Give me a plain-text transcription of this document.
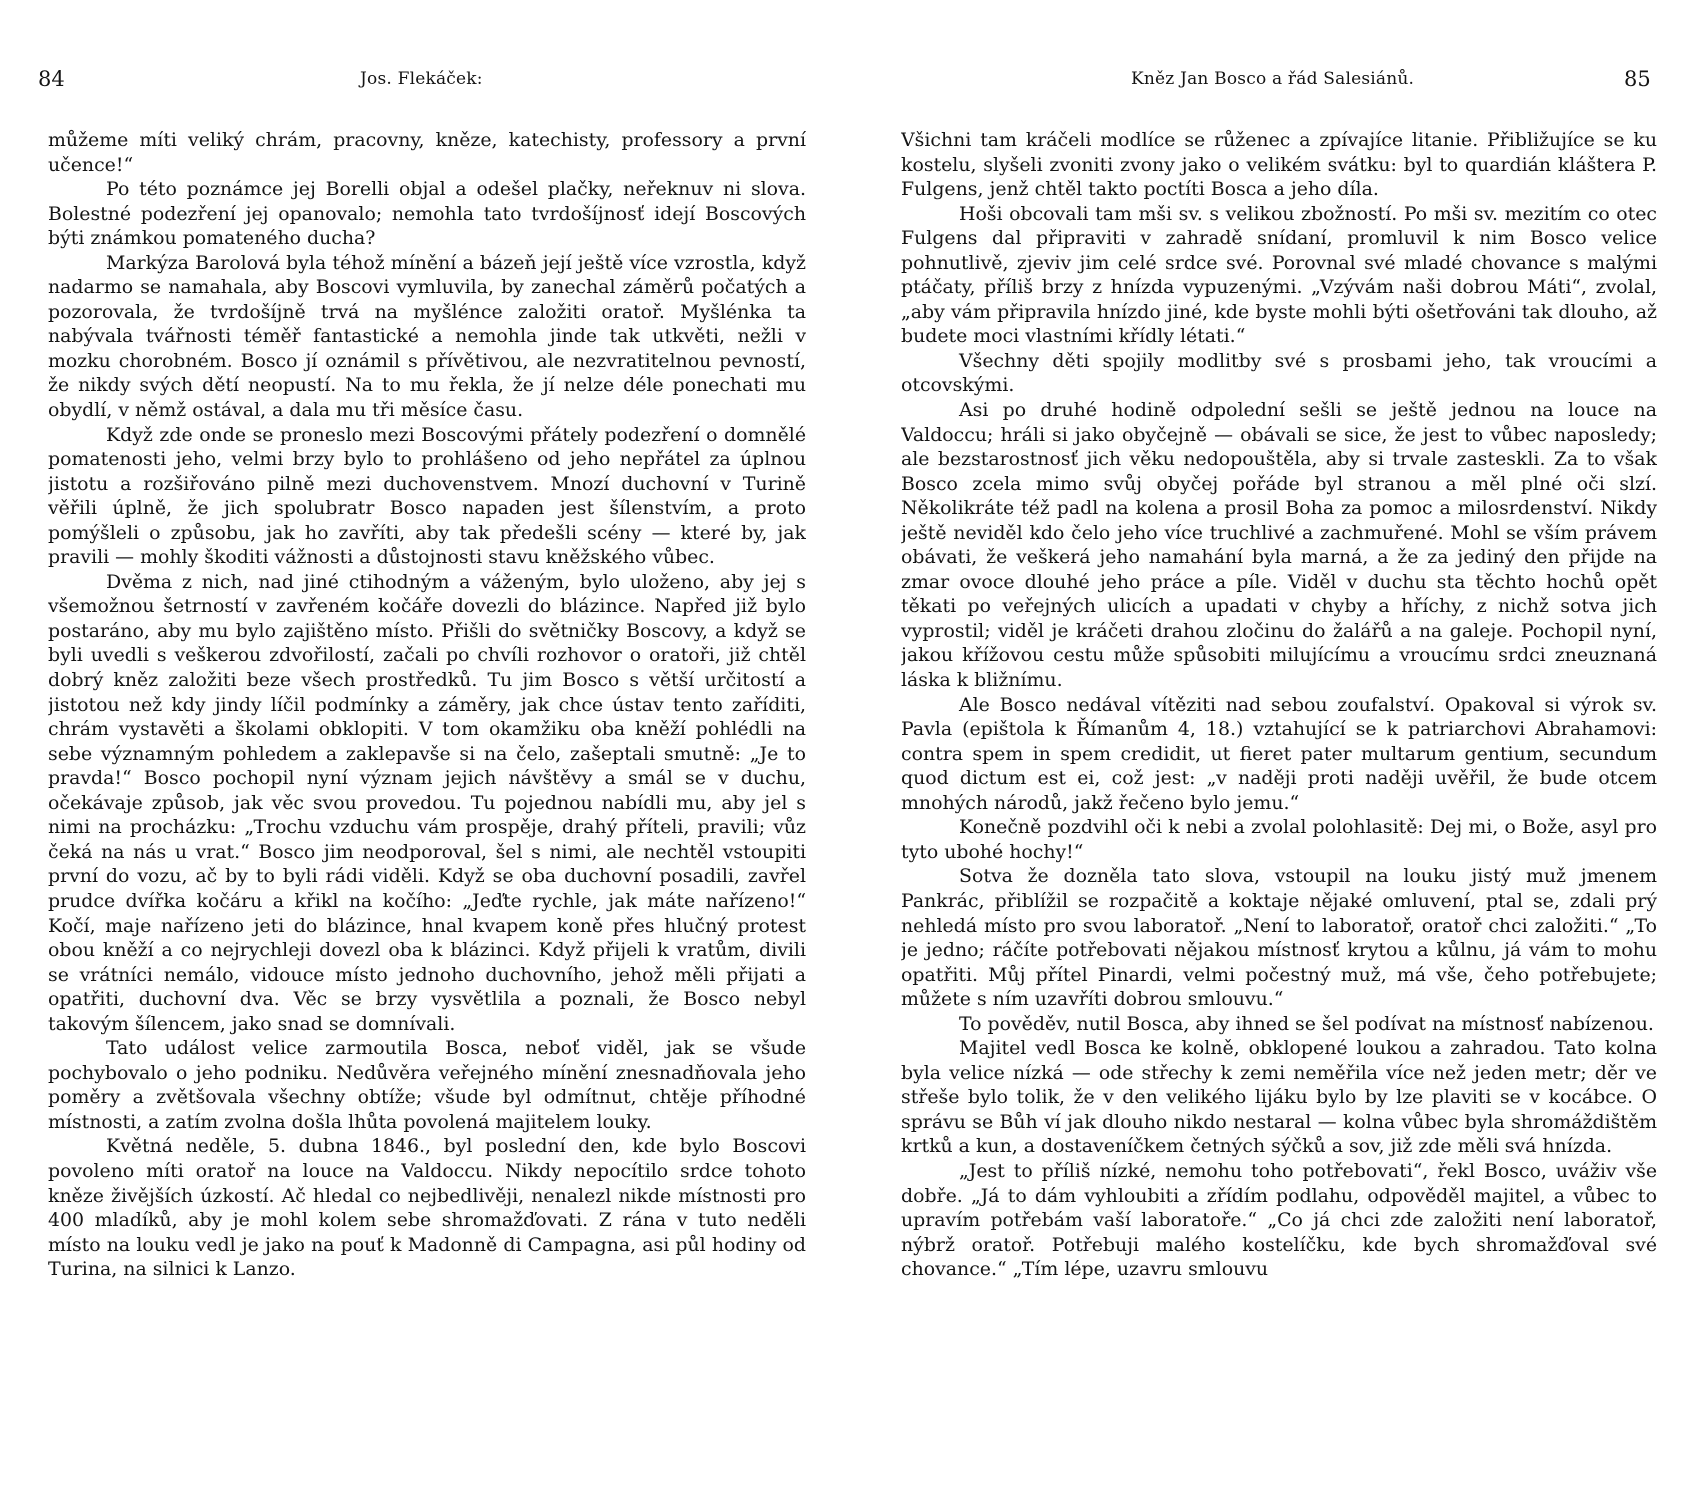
84	Jos. Flekáček:

můžeme míti veliký chrám, pracovny, kněze, katechisty, professory a první učence!“

Po této poznámce jej Borelli objal a odešel plačky, neřeknuv ni slova. Bolestné podezření jej opanovalo; nemohla tato tvrdošíjnosť idejí Boscových býti známkou pomateného ducha?

Markýza Barolová byla téhož mínění a bázeň její ještě více vzrostla, když nadarmo se namahala, aby Boscovi vymluvila, by zanechal záměrů počatých a pozorovala, že tvrdošíjně trvá na myšlénce založiti oratoř. Myšlénka ta nabývala tvářnosti téměř fantastické a nemohla jinde tak utkvěti, nežli v mozku chorobném. Bosco jí oznámil s přívětivou, ale nezvratitelnou pevností, že nikdy svých dětí neopustí. Na to mu řekla, že jí nelze déle ponechati mu obydlí, v němž ostával, a dala mu tři měsíce času.

Když zde onde se proneslo mezi Boscovými přátely podezření o domnělé pomatenosti jeho, velmi brzy bylo to prohlášeno od jeho nepřátel za úplnou jistotu a rozšiřováno pilně mezi duchovenstvem. Mnozí duchovní v Turině věřili úplně, že jich spolubratr Bosco napaden jest šílenstvím, a proto pomýšleli o způsobu, jak ho zavříti, aby tak předešli scény — které by, jak pravili — mohly škoditi vážnosti a důstojnosti stavu kněžského vůbec.

Dvěma z nich, nad jiné ctihodným a váženým, bylo uloženo, aby jej s všemožnou šetrností v zavřeném kočáře dovezli do blázince. Napřed již bylo postaráno, aby mu bylo zajištěno místo. Přišli do světničky Boscovy, a když se byli uvedli s veškerou zdvořilostí, začali po chvíli rozhovor o oratoři, již chtěl dobrý kněz založiti beze všech prostředků. Tu jim Bosco s větší určitostí a jistotou než kdy jindy líčil podmínky a záměry, jak chce ústav tento zaříditi, chrám vystavěti a školami obklopiti. V tom okamžiku oba kněží pohlédli na sebe významným pohledem a zaklepavše si na čelo, zašeptali smutně: „Je to pravda!“ Bosco pochopil nyní význam jejich návštěvy a smál se v duchu, očekávaje způsob, jak věc svou provedou. Tu pojednou nabídli mu, aby jel s nimi na procházku: „Trochu vzduchu vám prospěje, drahý příteli, pravili; vůz čeká na nás u vrat.“ Bosco jim neodporoval, šel s nimi, ale nechtěl vstoupiti první do vozu, ač by to byli rádi viděli. Když se oba duchovní posadili, zavřel prudce dvířka kočáru a křikl na kočího: „Jeďte rychle, jak máte nařízeno!“ Kočí, maje nařízeno jeti do blázince, hnal kvapem koně přes hlučný protest obou kněží a co nejrychleji dovezl oba k blázinci. Když přijeli k vratům, divili se vrátníci nemálo, vidouce místo jednoho duchovního, jehož měli přijati a opatřiti, duchovní dva. Věc se brzy vysvětlila a poznali, že Bosco nebyl takovým šílencem, jako snad se domnívali.

Tato událost velice zarmoutila Bosca, neboť viděl, jak se všude pochybovalo o jeho podniku. Nedůvěra veřejného mínění znesnadňovala jeho poměry a zvětšovala všechny obtíže; všude byl odmítnut, chtěje příhodné místnosti, a zatím zvolna došla lhůta povolená majitelem louky.

Květná neděle, 5. dubna 1846., byl poslední den, kde bylo Boscovi povoleno míti oratoř na louce na Valdoccu. Nikdy nepocítilo srdce tohoto kněze živějších úzkostí. Ač hledal co nejbedlivěji, nenalezl nikde místnosti pro 400 mladíků, aby je mohl kolem sebe shromažďovati. Z rána v tuto neděli místo na louku vedl je jako na pouť k Madonně di Campagna, asi půl hodiny od Turina, na silnici k Lanzo.

Kněz Jan Bosco a řád Salesiánů.	85

Všichni tam kráčeli modlíce se růženec a zpívajíce litanie. Přibližujíce se ku kostelu, slyšeli zvoniti zvony jako o velikém svátku: byl to quardián kláštera P. Fulgens, jenž chtěl takto poctíti Bosca a jeho díla.

Hoši obcovali tam mši sv. s velikou zbožností. Po mši sv. mezitím co otec Fulgens dal připraviti v zahradě snídaní, promluvil k nim Bosco velice pohnutlivě, zjeviv jim celé srdce své. Porovnal své mladé chovance s malými ptáčaty, příliš brzy z hnízda vypuzenými. „Vzývám naši dobrou Máti“, zvolal, „aby vám připravila hnízdo jiné, kde byste mohli býti ošetřováni tak dlouho, až budete moci vlastními křídly létati.“

Všechny děti spojily modlitby své s prosbami jeho, tak vroucími a otcovskými.

Asi po druhé hodině odpolední sešli se ještě jednou na louce na Valdoccu; hráli si jako obyčejně — obávali se sice, že jest to vůbec naposledy; ale bezstarostnosť jich věku nedopouštěla, aby si trvale zasteskli. Za to však Bosco zcela mimo svůj obyčej pořáde byl stranou a měl plné oči slzí. Několikráte též padl na kolena a prosil Boha za pomoc a milosrdenství. Nikdy ještě neviděl kdo čelo jeho více truchlivé a zachmuřené. Mohl se vším právem obávati, že veškerá jeho namahání byla marná, a že za jediný den přijde na zmar ovoce dlouhé jeho práce a píle. Viděl v duchu sta těchto hochů opět těkati po veřejných ulicích a upadati v chyby a hříchy, z nichž sotva jich vyprostil; viděl je kráčeti drahou zločinu do žalářů a na galeje. Pochopil nyní, jakou křížovou cestu může spůsobiti milujícímu a vroucímu srdci zneuznaná láska k bližnímu.

Ale Bosco nedával vítěziti nad sebou zoufalství. Opakoval si výrok sv. Pavla (epištola k Římanům 4, 18.) vztahující se k patriarchovi Abrahamovi: contra spem in spem credidit, ut fieret pater multarum gentium, secundum quod dictum est ei, což jest: „v naději proti naději uvěřil, že bude otcem mnohých národů, jakž řečeno bylo jemu.“

Konečně pozdvihl oči k nebi a zvolal polohlasitě: Dej mi, o Bože, asyl pro tyto ubohé hochy!“

Sotva že dozněla tato slova, vstoupil na louku jistý muž jmenem Pankrác, přiblížil se rozpačitě a koktaje nějaké omluvení, ptal se, zdali prý nehledá místo pro svou laboratoř. „Není to laboratoř, oratoř chci založiti.“ „To je jedno; ráčíte potřebovati nějakou místnosť krytou a kůlnu, já vám to mohu opatřiti. Můj přítel Pinardi, velmi počestný muž, má vše, čeho potřebujete; můžete s ním uzavříti dobrou smlouvu.“

To pověděv, nutil Bosca, aby ihned se šel podívat na místnosť nabízenou.

Majitel vedl Bosca ke kolně, obklopené loukou a zahradou. Tato kolna byla velice nízká — ode střechy k zemi neměřila více než jeden metr; děr ve střeše bylo tolik, že v den velikého lijáku bylo by lze plaviti se v kocábce. O správu se Bůh ví jak dlouho nikdo nestaral — kolna vůbec byla shromáždištěm krtků a kun, a dostaveníčkem četných sýčků a sov, již zde měli svá hnízda.

„Jest to příliš nízké, nemohu toho potřebovati“, řekl Bosco, uváživ vše dobře. „Já to dám vyhloubiti a zřídím podlahu, odpověděl majitel, a vůbec to upravím potřebám vaší laboratoře.“ „Co já chci zde založiti není laboratoř, nýbrž oratoř. Potřebuji malého kostelíčku, kde bych shromažďoval své chovance.“ „Tím lépe, uzavru smlouvu
